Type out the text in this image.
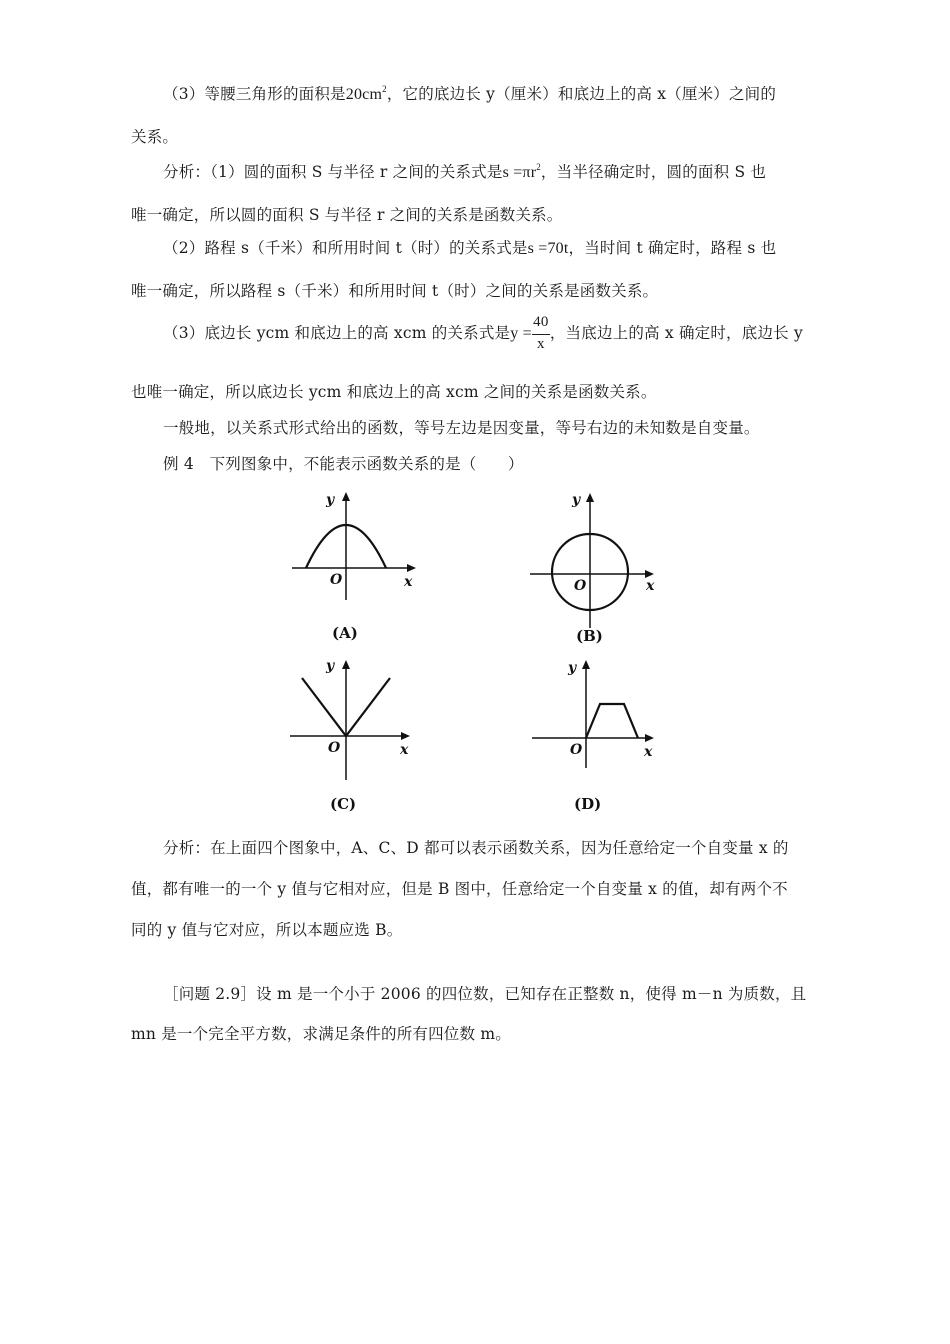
（3）等腰三角形的面积是$20cm^2$，它的底边长 y（厘米）和底边上的高 x（厘米）之间的
关系。
分析：（1）圆的面积 S 与半径 r 之间的关系式是$s =\pi r^2$，当半径确定时，圆的面积 S 也
唯一确定，所以圆的面积 S 与半径 r 之间的关系是函数关系。
（2）路程 s（千米）和所用时间 t（时）的关系式是s =70t，当时间 t 确定时，路程 s 也
唯一确定，所以路程 s（千米）和所用时间 t（时）之间的关系是函数关系。
（3）底边长 ycm 和底边上的高 xcm 的关系式是$y = \frac{40}{x}$ ，当底边上的高 x 确定时，底边长 y
也唯一确定，所以底边长 ycm 和底边上的高 xcm 之间的关系是函数关系。
一般地，以关系式形式给出的函数，等号左边是因变量，等号右边的未知数是自变量。
例 4　下列图象中，不能表示函数关系的是（　　）
y
O	x
(A)
y
O	x
(B)
y
O	x
(C)
y
O	x
(D)
分析：在上面四个图象中，A、C、D 都可以表示函数关系，因为任意给定一个自变量 x 的
值，都有唯一的一个 y 值与它相对应，但是 B 图中，任意给定一个自变量 x 的值，却有两个不
同的 y 值与它对应，所以本题应选 B。
［问题 2.9］设 m 是一个小于 2006 的四位数，已知存在正整数 n，使得 m－n 为质数，且
mn 是一个完全平方数，求满足条件的所有四位数 m。
